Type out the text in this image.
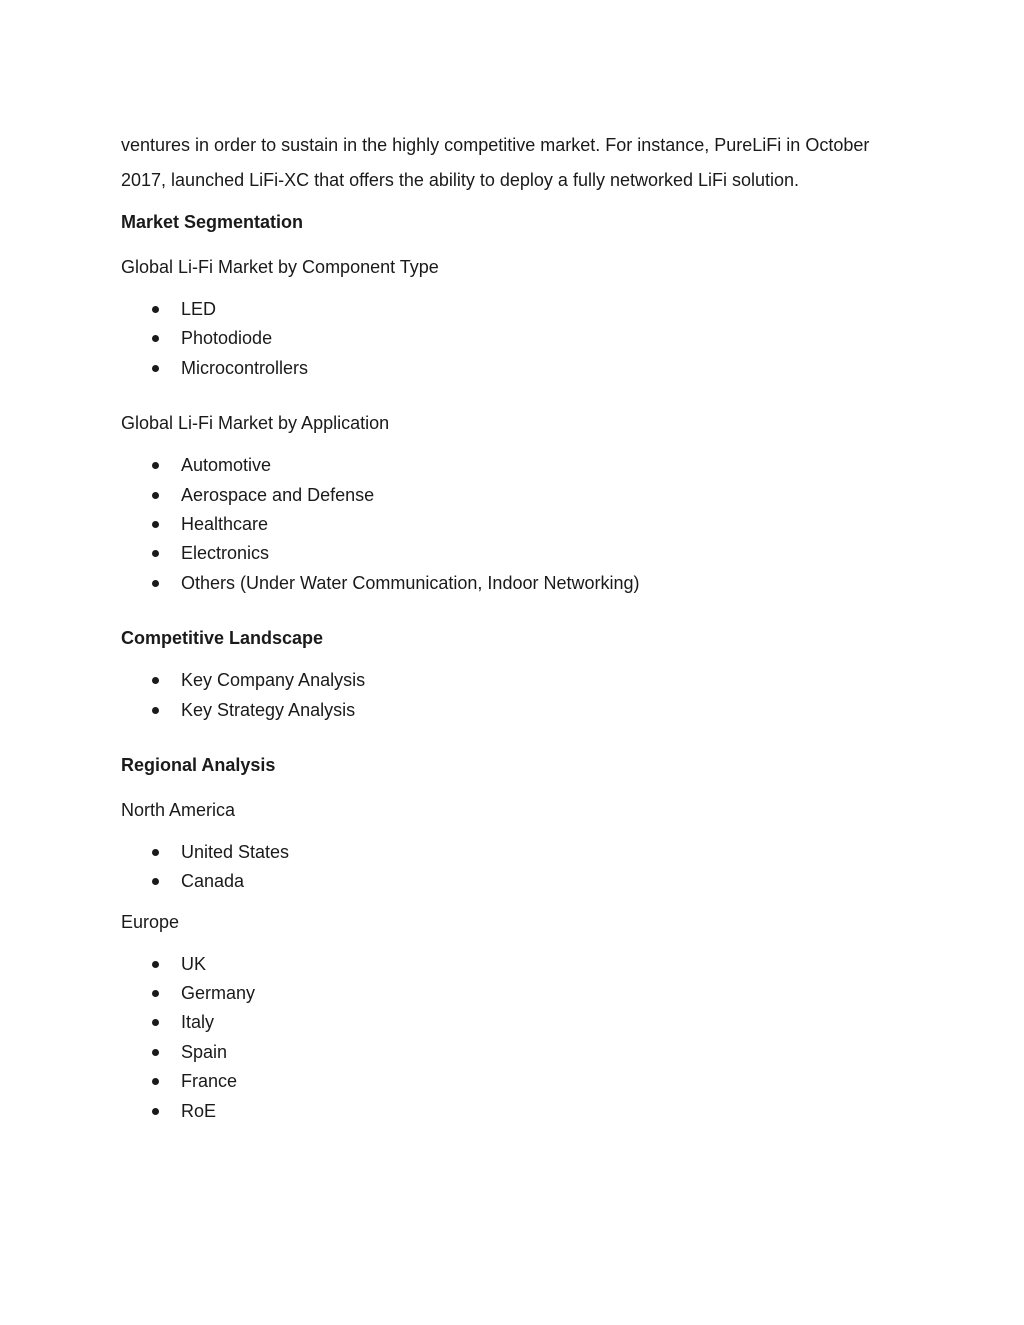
ventures in order to sustain in the highly competitive market. For instance, PureLiFi in October 2017, launched LiFi-XC that offers the ability to deploy a fully networked LiFi solution.

Market Segmentation

Global Li-Fi Market by Component Type

LED
Photodiode
Microcontrollers

Global Li-Fi Market by Application

Automotive
Aerospace and Defense
Healthcare
Electronics
Others (Under Water Communication, Indoor Networking)

Competitive Landscape

Key Company Analysis
Key Strategy Analysis

Regional Analysis

North America

United States
Canada

Europe

UK
Germany
Italy
Spain
France
RoE
